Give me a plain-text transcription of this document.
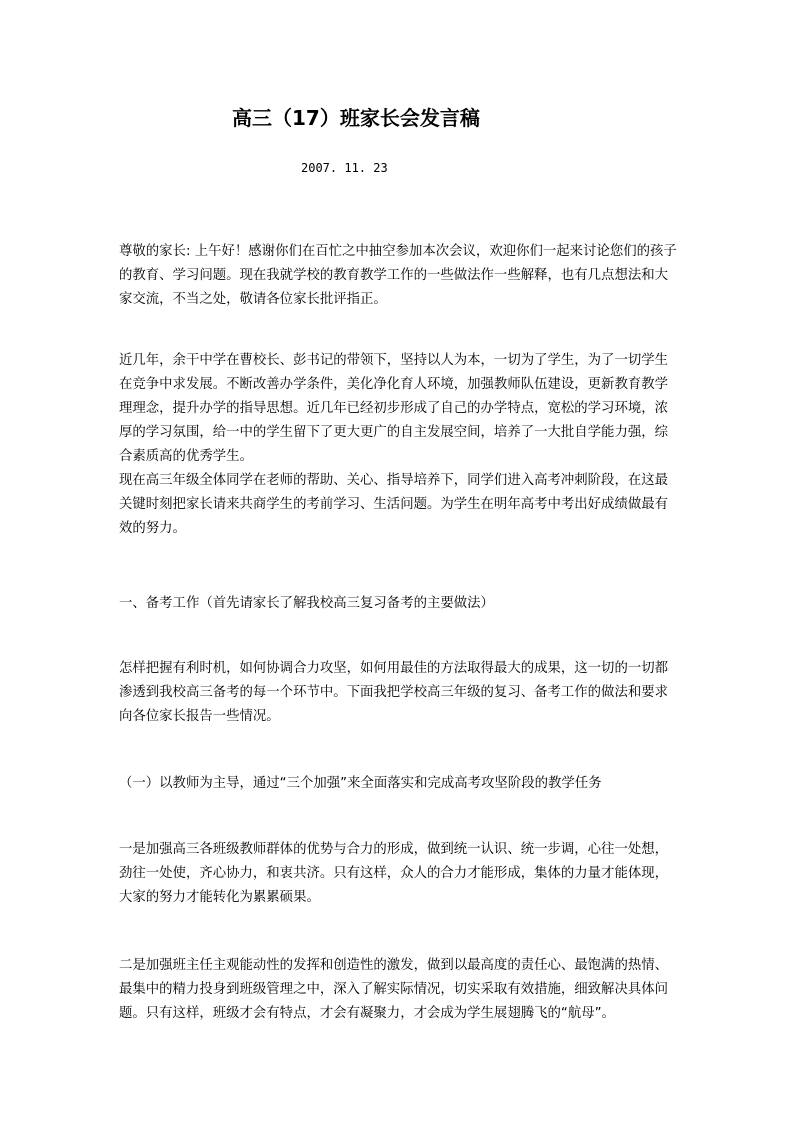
高三（17）班家长会发言稿
2007. 11. 23

尊敬的家长: 上午好！感谢你们在百忙之中抽空参加本次会议，欢迎你们一起来讨论您们的孩子的教育、学习问题。现在我就学校的教育教学工作的一些做法作一些解释，也有几点想法和大家交流，不当之处，敬请各位家长批评指正。

近几年，余干中学在曹校长、彭书记的带领下，坚持以人为本，一切为了学生，为了一切学生在竞争中求发展。不断改善办学条件，美化净化育人环境，加强教师队伍建设，更新教育教学理理念，提升办学的指导思想。近几年已经初步形成了自己的办学特点，宽松的学习环境，浓厚的学习氛围，给一中的学生留下了更大更广的自主发展空间，培养了一大批自学能力强，综合素质高的优秀学生。

现在高三年级全体同学在老师的帮助、关心、指导培养下，同学们进入高考冲刺阶段，在这最关键时刻把家长请来共商学生的考前学习、生活问题。为学生在明年高考中考出好成绩做最有效的努力。

一、备考工作（首先请家长了解我校高三复习备考的主要做法）

怎样把握有利时机，如何协调合力攻坚，如何用最佳的方法取得最大的成果，这一切的一切都渗透到我校高三备考的每一个环节中。下面我把学校高三年级的复习、备考工作的做法和要求向各位家长报告一些情况。

（一）以教师为主导，通过“三个加强”来全面落实和完成高考攻坚阶段的教学任务

一是加强高三各班级教师群体的优势与合力的形成，做到统一认识、统一步调，心往一处想，劲往一处使，齐心协力，和衷共济。只有这样，众人的合力才能形成，集体的力量才能体现，大家的努力才能转化为累累硕果。

二是加强班主任主观能动性的发挥和创造性的激发，做到以最高度的责任心、最饱满的热情、最集中的精力投身到班级管理之中，深入了解实际情况，切实采取有效措施，细致解决具体问题。只有这样，班级才会有特点，才会有凝聚力，才会成为学生展翅腾飞的“航母”。
